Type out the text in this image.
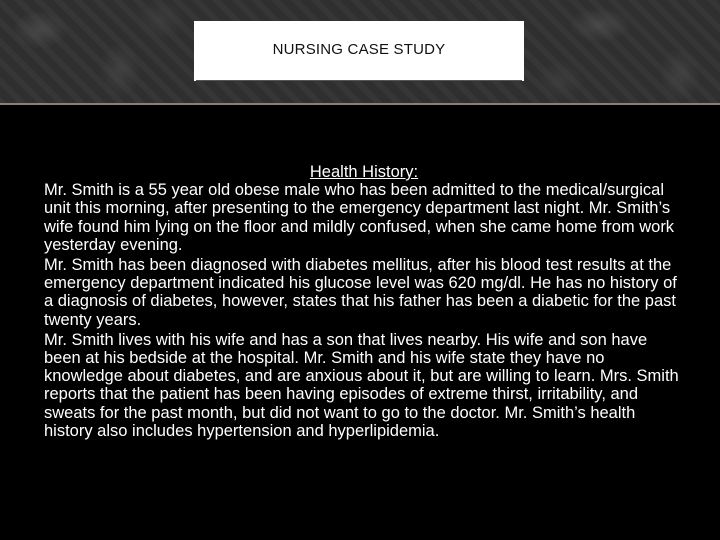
NURSING CASE STUDY

Health History:

Mr. Smith is a 55 year old obese male who has been admitted to the medical/surgical unit this morning, after presenting to the emergency department last night. Mr. Smith’s wife found him lying on the floor and mildly confused, when she came home from work yesterday evening.

Mr. Smith has been diagnosed with diabetes mellitus, after his blood test results at the emergency department indicated his glucose level was 620 mg/dl. He has no history of a diagnosis of diabetes, however, states that his father has been a diabetic for the past twenty years.

Mr. Smith lives with his wife and has a son that lives nearby. His wife and son have been at his bedside at the hospital. Mr. Smith and his wife state they have no knowledge about diabetes, and are anxious about it, but are willing to learn. Mrs. Smith reports that the patient has been having episodes of extreme thirst, irritability, and sweats for the past month, but did not want to go to the doctor. Mr. Smith’s health history also includes hypertension and hyperlipidemia.
